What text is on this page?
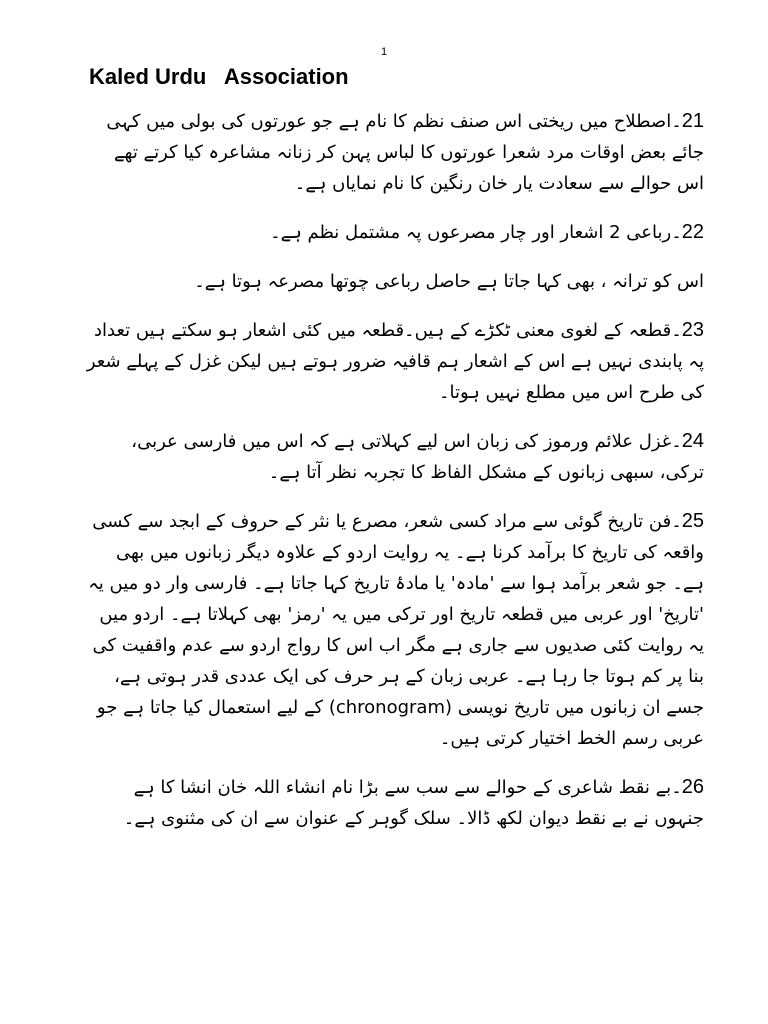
1
Kaled Urdu   Association

21۔اصطلاح میں ریختی اس صنف نظم کا نام ہے جو عورتوں کی بولی میں کہی جائے بعض اوقات مرد شعرا عورتوں کا لباس پہن کر زنانہ مشاعرہ کیا کرتے تھے اس حوالے سے سعادت یار خان رنگین کا نام نمایاں ہے۔

22۔رباعی 2 اشعار اور چار مصرعوں پہ مشتمل نظم ہے۔

اس کو ترانہ ، بھی کہا جاتا ہے حاصل رباعی چوتھا مصرعہ ہوتا ہے۔

23۔قطعہ کے لغوی معنی ٹکڑے کے ہیں۔قطعہ میں کئی اشعار ہو سکتے ہیں تعداد پہ پابندی نہیں ہے اس کے اشعار ہم قافیہ ضرور ہوتے ہیں لیکن غزل کے پہلے شعر کی طرح اس میں مطلع نہیں ہوتا۔

24۔غزل علائم ورموز کی زبان اس لیے کہلاتی ہے کہ اس میں فارسی عربی، ترکی، سبھی زبانوں کے مشکل الفاظ کا تجربہ نظر آتا ہے۔

25۔فن تاریخ گوئی سے مراد کسی شعر، مصرع یا نثر کے حروف کے ابجد سے کسی واقعہ کی تاریخ کا برآمد کرنا ہے۔ یہ روایت اردو کے علاوہ دیگر زبانوں میں بھی ہے۔ جو شعر برآمد ہوا سے 'مادہ' یا مادۂ تاریخ کہا جاتا ہے۔ فارسی وار دو میں یہ 'تاریخ' اور عربی میں قطعہ تاریخ اور ترکی میں یہ 'رمز' بھی کہلاتا ہے۔ اردو میں یہ روایت کئی صدیوں سے جاری ہے مگر اب اس کا رواج اردو سے عدم واقفیت کی بنا پر کم ہوتا جا رہا ہے۔ عربی زبان کے ہر حرف کی ایک عددی قدر ہوتی ہے، جسے ان زبانوں میں تاریخ نویسی (chronogram) کے لیے استعمال کیا جاتا ہے جو عربی رسم الخط اختیار کرتی ہیں۔

26۔بے نقط شاعری کے حوالے سے سب سے بڑا نام انشاء اللہ خان انشا کا ہے جنہوں نے بے نقط دیوان لکھ ڈالا۔ سلک گوہر کے عنوان سے ان کی مثنوی ہے۔
